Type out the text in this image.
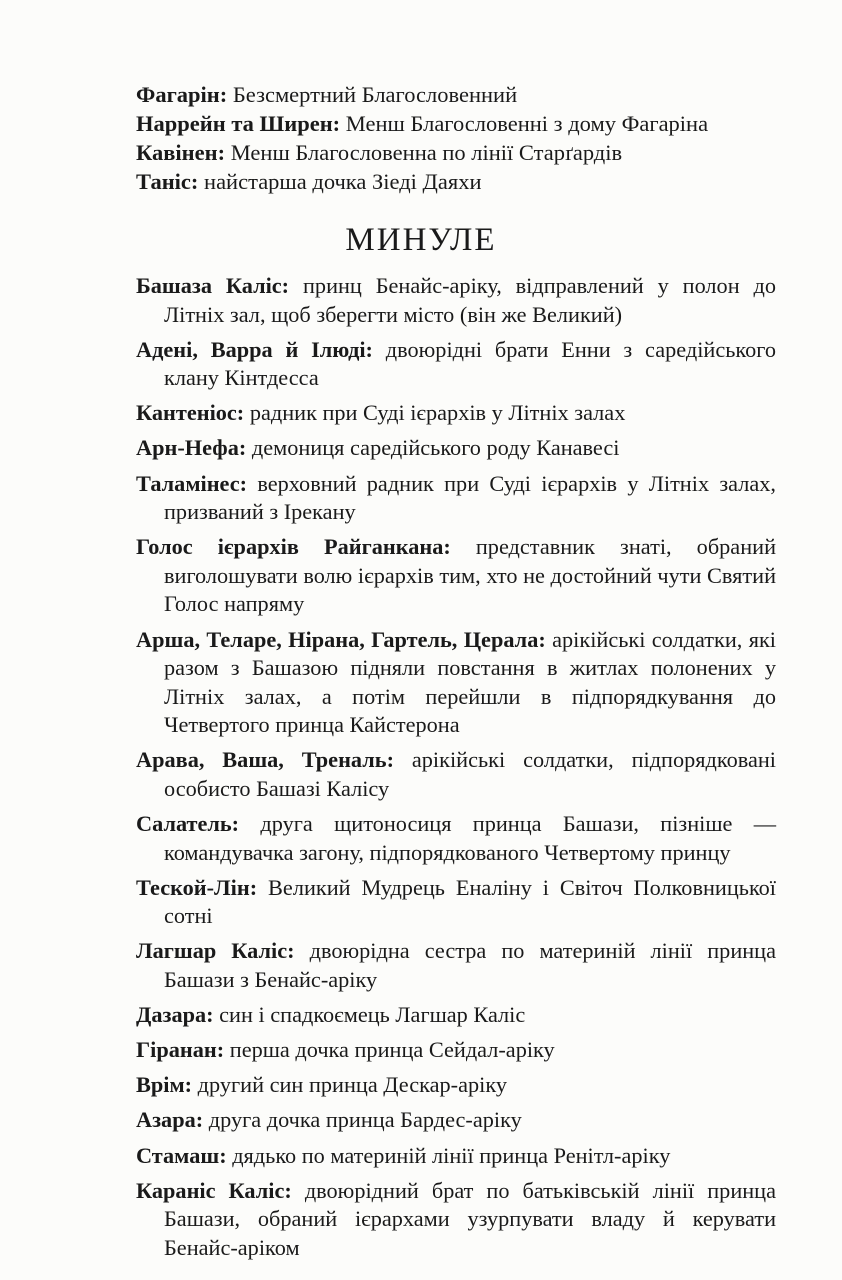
Фагарін: Безсмертний Благословенний
Наррейн та Ширен: Менш Благословенні з дому Фагаріна
Кавінен: Менш Благословенна по лінії Старґардів
Таніс: найстарша дочка Зіеді Даяхи
МИНУЛЕ
Башаза Каліс: принц Бенайс-аріку, відправлений у полон до Літніх зал, щоб зберегти місто (він же Великий)
Адені, Варра й Ілюді: двоюрідні брати Енни з саредійського клану Кінтдесса
Кантеніос: радник при Суді ієрархів у Літніх залах
Арн-Нефа: демониця саредійського роду Канавесі
Таламінес: верховний радник при Суді ієрархів у Літніх залах, призваний з Ірекану
Голос ієрархів Райганкана: представник знаті, обраний виголошувати волю ієрархів тим, хто не достойний чути Святий Голос напряму
Арша, Теларе, Нірана, Гартель, Церала: арікійські солдатки, які разом з Башазою підняли повстання в житлах полонених у Літніх залах, а потім перейшли в підпорядкування до Четвертого принца Кайстерона
Арава, Ваша, Треналь: арікійські солдатки, підпорядковані особисто Башазі Калісу
Салатель: друга щитоносиця принца Башази, пізніше — командувачка загону, підпорядкованого Четвертому принцу
Теской-Лін: Великий Мудрець Еналіну і Світоч Полковницької сотні
Лагшар Каліс: двоюрідна сестра по материній лінії принца Башази з Бенайс-аріку
Дазара: син і спадкоємець Лагшар Каліс
Гіранан: перша дочка принца Сейдал-аріку
Врім: другий син принца Дескар-аріку
Азара: друга дочка принца Бардес-аріку
Стамаш: дядько по материній лінії принца Ренітл-аріку
Караніс Каліс: двоюрідний брат по батьківській лінії принца Башази, обраний ієрархами узурпувати владу й керувати Бенайс-аріком
